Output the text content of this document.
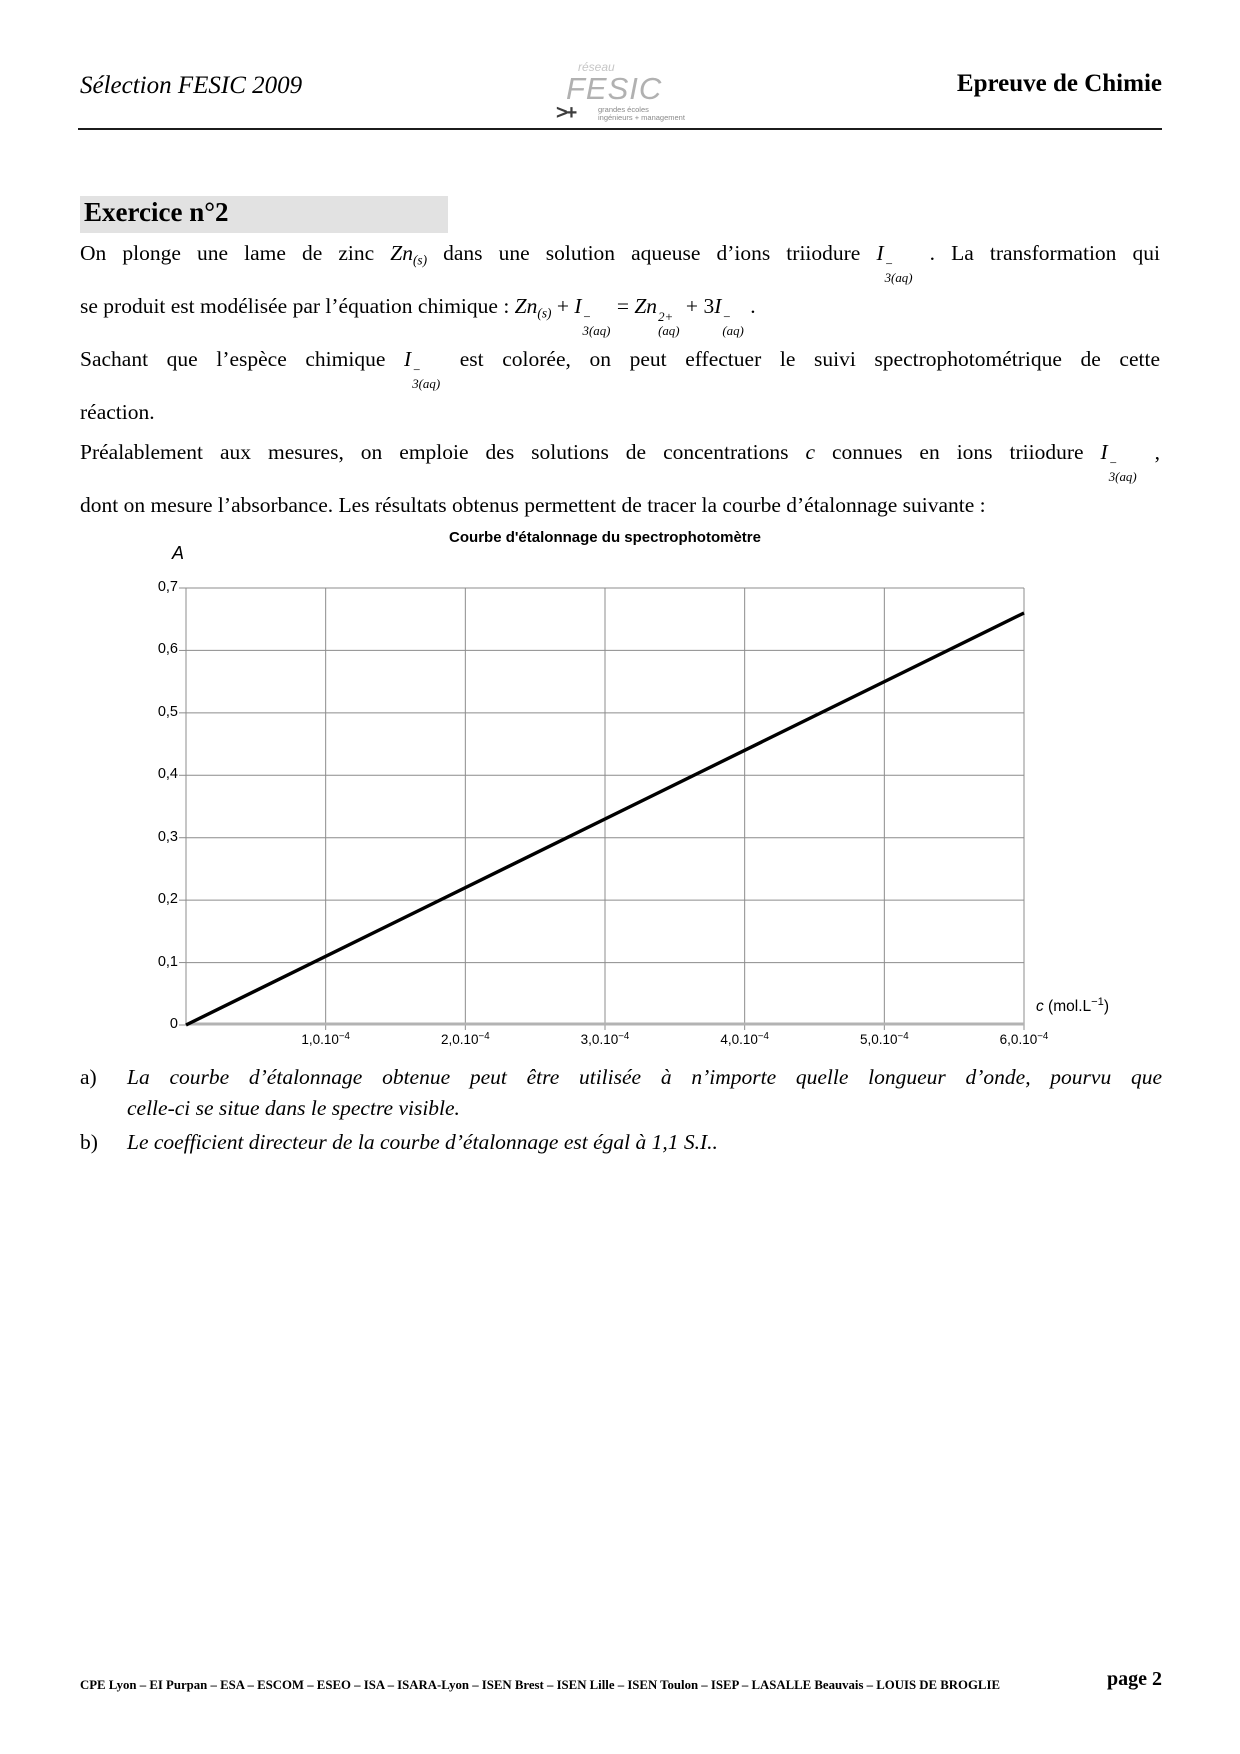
Sélection FESIC 2009
réseau
FESIC
>+	grandes écoles
ingénieurs + management
Epreuve de Chimie
Exercice n°2
On plonge une lame de zinc $Zn_{(s)}$ dans une solution aqueuse d’ions triiodure I −
3(aq)
. La transformation qui
se produit est modélisée par l’équation chimique : $Zn_{(s)} + I$ −
3(aq)
= Zn 2+
(aq)
+ 3I −
(aq)
.
Sachant que l’espèce chimique I −
3(aq)
est colorée, on peut effectuer le suivi spectrophotométrique de cette
réaction.
Préalablement aux mesures, on emploie des solutions de concentrations c connues en ions triiodure I −
3(aq)
,
dont on mesure l’absorbance. Les résultats obtenus permettent de tracer la courbe d’étalonnage suivante :
Courbe d'étalonnage du spectrophotomètre
A
0
0,1
0,2
0,3
0,4
0,5
0,6
0,7
$1,0.10^{-4}$	$2,0.10^{-4}$	$3,0.10^{-4}$	$4,0.10^{-4}$	$5,0.10^{-4}$	$6,0.10^{-4}$
c $(mol.L^{-1})$
a)	La courbe d’étalonnage obtenue peut être utilisée à n’importe quelle longueur d’onde, pourvu que
celle-ci se situe dans le spectre visible.
b)	Le coefficient directeur de la courbe d’étalonnage est égal à 1,1 S.I..
CPE Lyon – EI Purpan – ESA – ESCOM – ESEO – ISA – ISARA-Lyon – ISEN Brest – ISEN Lille – ISEN Toulon – ISEP – LASALLE Beauvais – LOUIS DE BROGLIE	page 2
